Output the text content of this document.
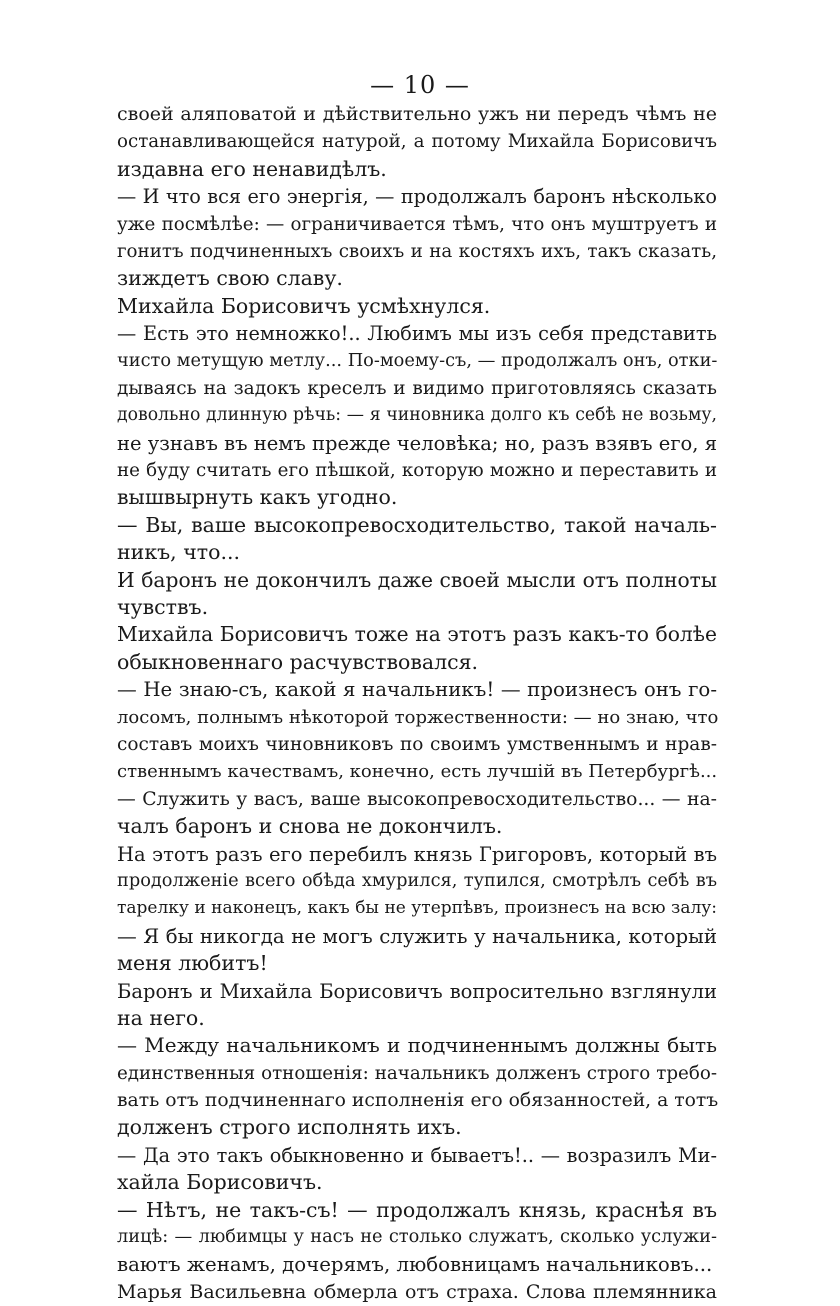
— 10 —
своей аляповатой и дѣйствительно ужъ ни передъ чѣмъ не
останавливающейся натурой, а потому Михайла Борисовичъ
издавна его ненавидѣлъ.
— И что вся его энергія, — продолжалъ баронъ нѣсколько
уже посмѣлѣе: — ограничивается тѣмъ, что онъ муштруетъ и
гонитъ подчиненныхъ своихъ и на костяхъ ихъ, такъ сказать,
зиждетъ свою славу.
Михайла Борисовичъ усмѣхнулся.
— Есть это немножко!.. Любимъ мы изъ себя представить
чисто метущую метлу... По-моему-съ, — продолжалъ онъ, отки-
дываясь на задокъ креселъ и видимо приготовляясь сказать
довольно длинную рѣчь: — я чиновника долго къ себѣ не возьму,
не узнавъ въ немъ прежде человѣка; но, разъ взявъ его, я
не буду считать его пѣшкой, которую можно и переставить и
вышвырнуть какъ угодно.
— Вы, ваше высокопревосходительство, такой началь-
никъ, что...
И баронъ не докончилъ даже своей мысли отъ полноты
чувствъ.
Михайла Борисовичъ тоже на этотъ разъ какъ-то болѣе
обыкновеннаго расчувствовался.
— Не знаю-съ, какой я начальникъ! — произнесъ онъ го-
лосомъ, полнымъ нѣкоторой торжественности: — но знаю, что
составъ моихъ чиновниковъ по своимъ умственнымъ и нрав-
ственнымъ качествамъ, конечно, есть лучшій въ Петербургѣ...
— Служить у васъ, ваше высокопревосходительство... — на-
чалъ баронъ и снова не докончилъ.
На этотъ разъ его перебилъ князь Григоровъ, который въ
продолженіе всего обѣда хмурился, тупился, смотрѣлъ себѣ въ
тарелку и наконецъ, какъ бы не утерпѣвъ, произнесъ на всю залу:
— Я бы никогда не могъ служить у начальника, который
меня любитъ!
Баронъ и Михайла Борисовичъ вопросительно взглянули
на него.
— Между начальникомъ и подчиненнымъ должны быть
единственныя отношенія: начальникъ долженъ строго требо-
вать отъ подчиненнаго исполненія его обязанностей, а тотъ
долженъ строго исполнять ихъ.
— Да это такъ обыкновенно и бываетъ!.. — возразилъ Ми-
хайла Борисовичъ.
— Нѣтъ, не такъ-съ! — продолжалъ князь, краснѣя въ
лицѣ: — любимцы у насъ не столько служатъ, сколько услужи-
ваютъ женамъ, дочерямъ, любовницамъ начальниковъ...
Марья Васильевна обмерла отъ страха. Слова племянника
